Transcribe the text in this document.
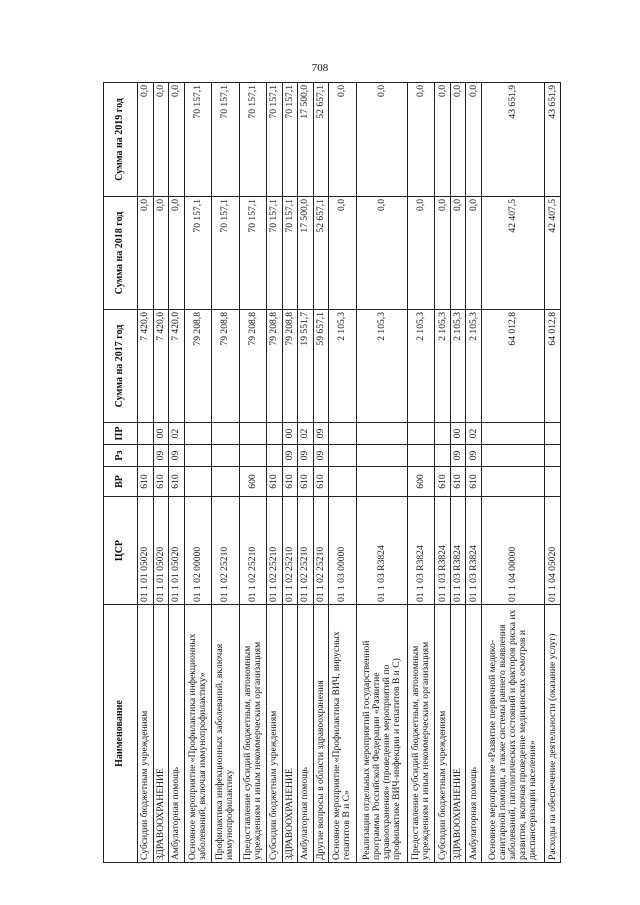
708
Наименование	ЦСР	ВР	Рз	ПР	Сумма на 2017 год	Сумма на 2018 год	Сумма на 2019 год
Субсидии бюджетным учреждениям	01 1 01 05020	610			7 420,0	0,0	0,0
ЗДРАВООХРАНЕНИЕ	01 1 01 05020	610	09	00	7 420,0	0,0	0,0
Амбулаторная помощь	01 1 01 05020	610	09	02	7 420,0	0,0	0,0
Основное мероприятие «Профилактика инфекционных заболеваний, включая иммунопрофилактику»	01 1 02 00000				79 208,8	70 157,1	70 157,1
Профилактика инфекционных заболеваний, включая иммунопрофилактику	01 1 02 25210				79 208,8	70 157,1	70 157,1
Предоставление субсидий бюджетным, автономным учреждениям и иным некоммерческим организациям	01 1 02 25210	600			79 208,8	70 157,1	70 157,1
Субсидии бюджетным учреждениям	01 1 02 25210	610			79 208,8	70 157,1	70 157,1
ЗДРАВООХРАНЕНИЕ	01 1 02 25210	610	09	00	79 208,8	70 157,1	70 157,1
Амбулаторная помощь	01 1 02 25210	610	09	02	19 551,7	17 500,0	17 500,0
Другие вопросы в области здравоохранения	01 1 02 25210	610	09	09	59 657,1	52 657,1	52 657,1
Основное мероприятие «Профилактика ВИЧ, вирусных гепатитов В и С»	01 1 03 00000				2 105,3	0,0	0,0
Реализация отдельных мероприятий государственной программы Российской Федерации «Развитие здравоохранения» (проведение мероприятий по профилактике ВИЧ-инфекции и гепатитов В и С)	01 1 03 R3824				2 105,3	0,0	0,0
Предоставление субсидий бюджетным, автономным учреждениям и иным некоммерческим организациям	01 1 03 R3824	600			2 105,3	0,0	0,0
Субсидии бюджетным учреждениям	01 1 03 R3824	610			2 105,3	0,0	0,0
ЗДРАВООХРАНЕНИЕ	01 1 03 R3824	610	09	00	2 105,3	0,0	0,0
Амбулаторная помощь	01 1 03 R3824	610	09	02	2 105,3	0,0	0,0
Основное мероприятие «Развитие первичной медико-санитарной помощи, а также системы раннего выявления заболеваний, патологических состояний и факторов риска их развития, включая проведение медицинских осмотров и диспансеризации населения»	01 1 04 00000				64 012,8	42 407,5	43 651,9
Расходы на обеспечение деятельности (оказание услуг)	01 1 04 05020				64 012,8	42 407,5	43 651,9
